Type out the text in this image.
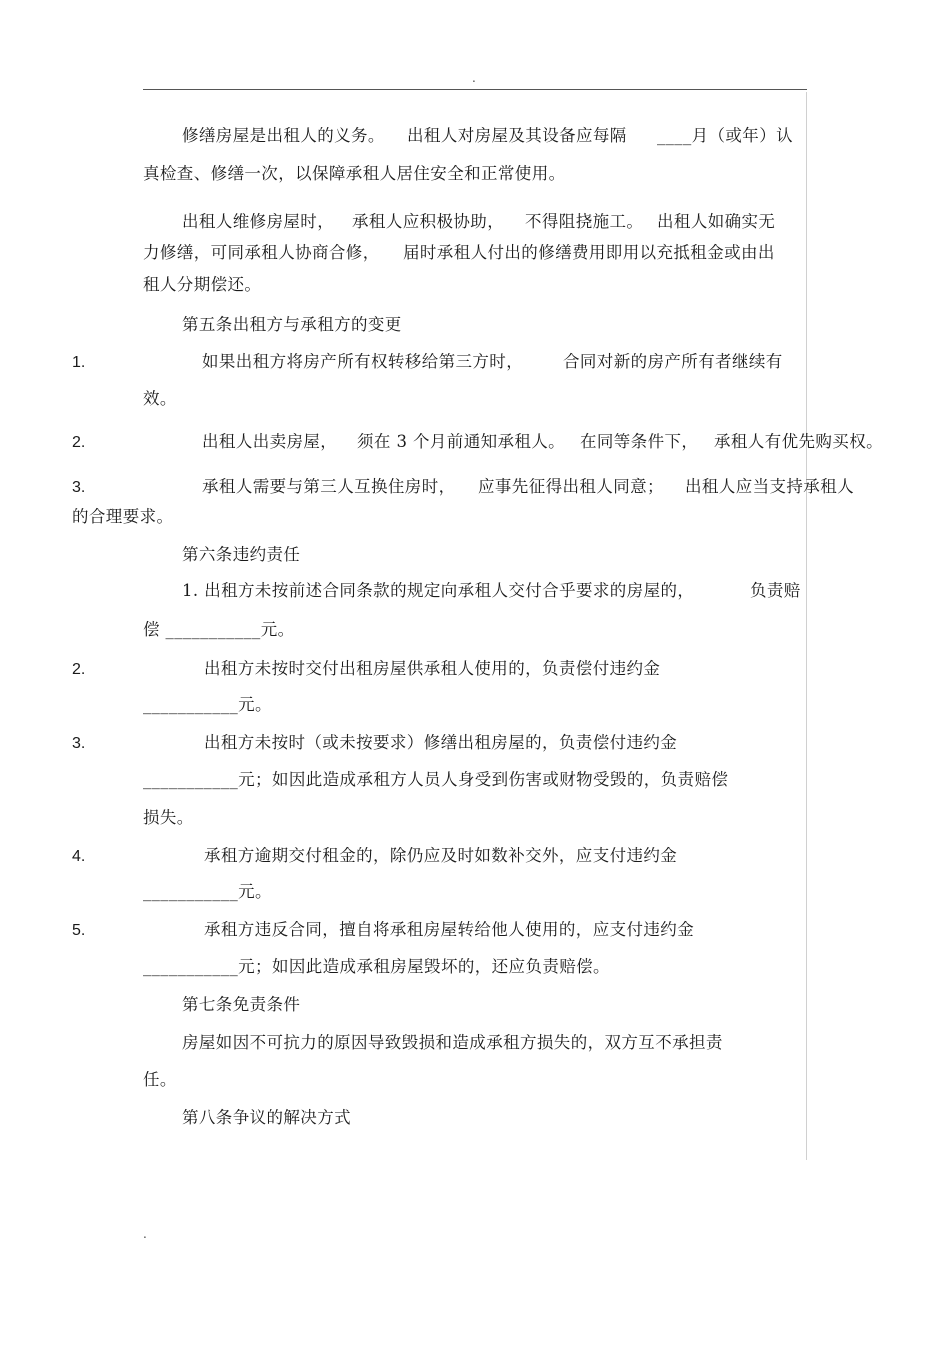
.
修缮房屋是出租人的义务。 出租人对房屋及其设备应每隔 ____月（或年）认
真检查、修缮一次，以保障承租人居住安全和正常使用。
出租人维修房屋时， 承租人应积极协助， 不得阻挠施工。 出租人如确实无
力修缮，可同承租人协商合修， 届时承租人付出的修缮费用即用以充抵租金或由出
租人分期偿还。
第五条出租方与承租方的变更
1.	如果出租方将房产所有权转移给第三方时， 合同对新的房产所有者继续有
效。
2.	出租人出卖房屋， 须在 3 个月前通知承租人。 在同等条件下， 承租人有优先购买权。
3.	承租人需要与第三人互换住房时， 应事先征得出租人同意； 出租人应当支持承租人
的合理要求。
第六条违约责任
1. 出租方未按前述合同条款的规定向承租人交付合乎要求的房屋的，	负责赔
偿 ___________元。
2.	出租方未按时交付出租房屋供承租人使用的，负责偿付违约金
___________元。
3.	出租方未按时（或未按要求）修缮出租房屋的，负责偿付违约金
___________元；如因此造成承租方人员人身受到伤害或财物受毁的，负责赔偿
损失。
4.	承租方逾期交付租金的，除仍应及时如数补交外，应支付违约金
___________元。
5.	承租方违反合同，擅自将承租房屋转给他人使用的，应支付违约金
___________元；如因此造成承租房屋毁坏的，还应负责赔偿。
第七条免责条件
房屋如因不可抗力的原因导致毁损和造成承租方损失的，双方互不承担责
任。
第八条争议的解决方式
.
